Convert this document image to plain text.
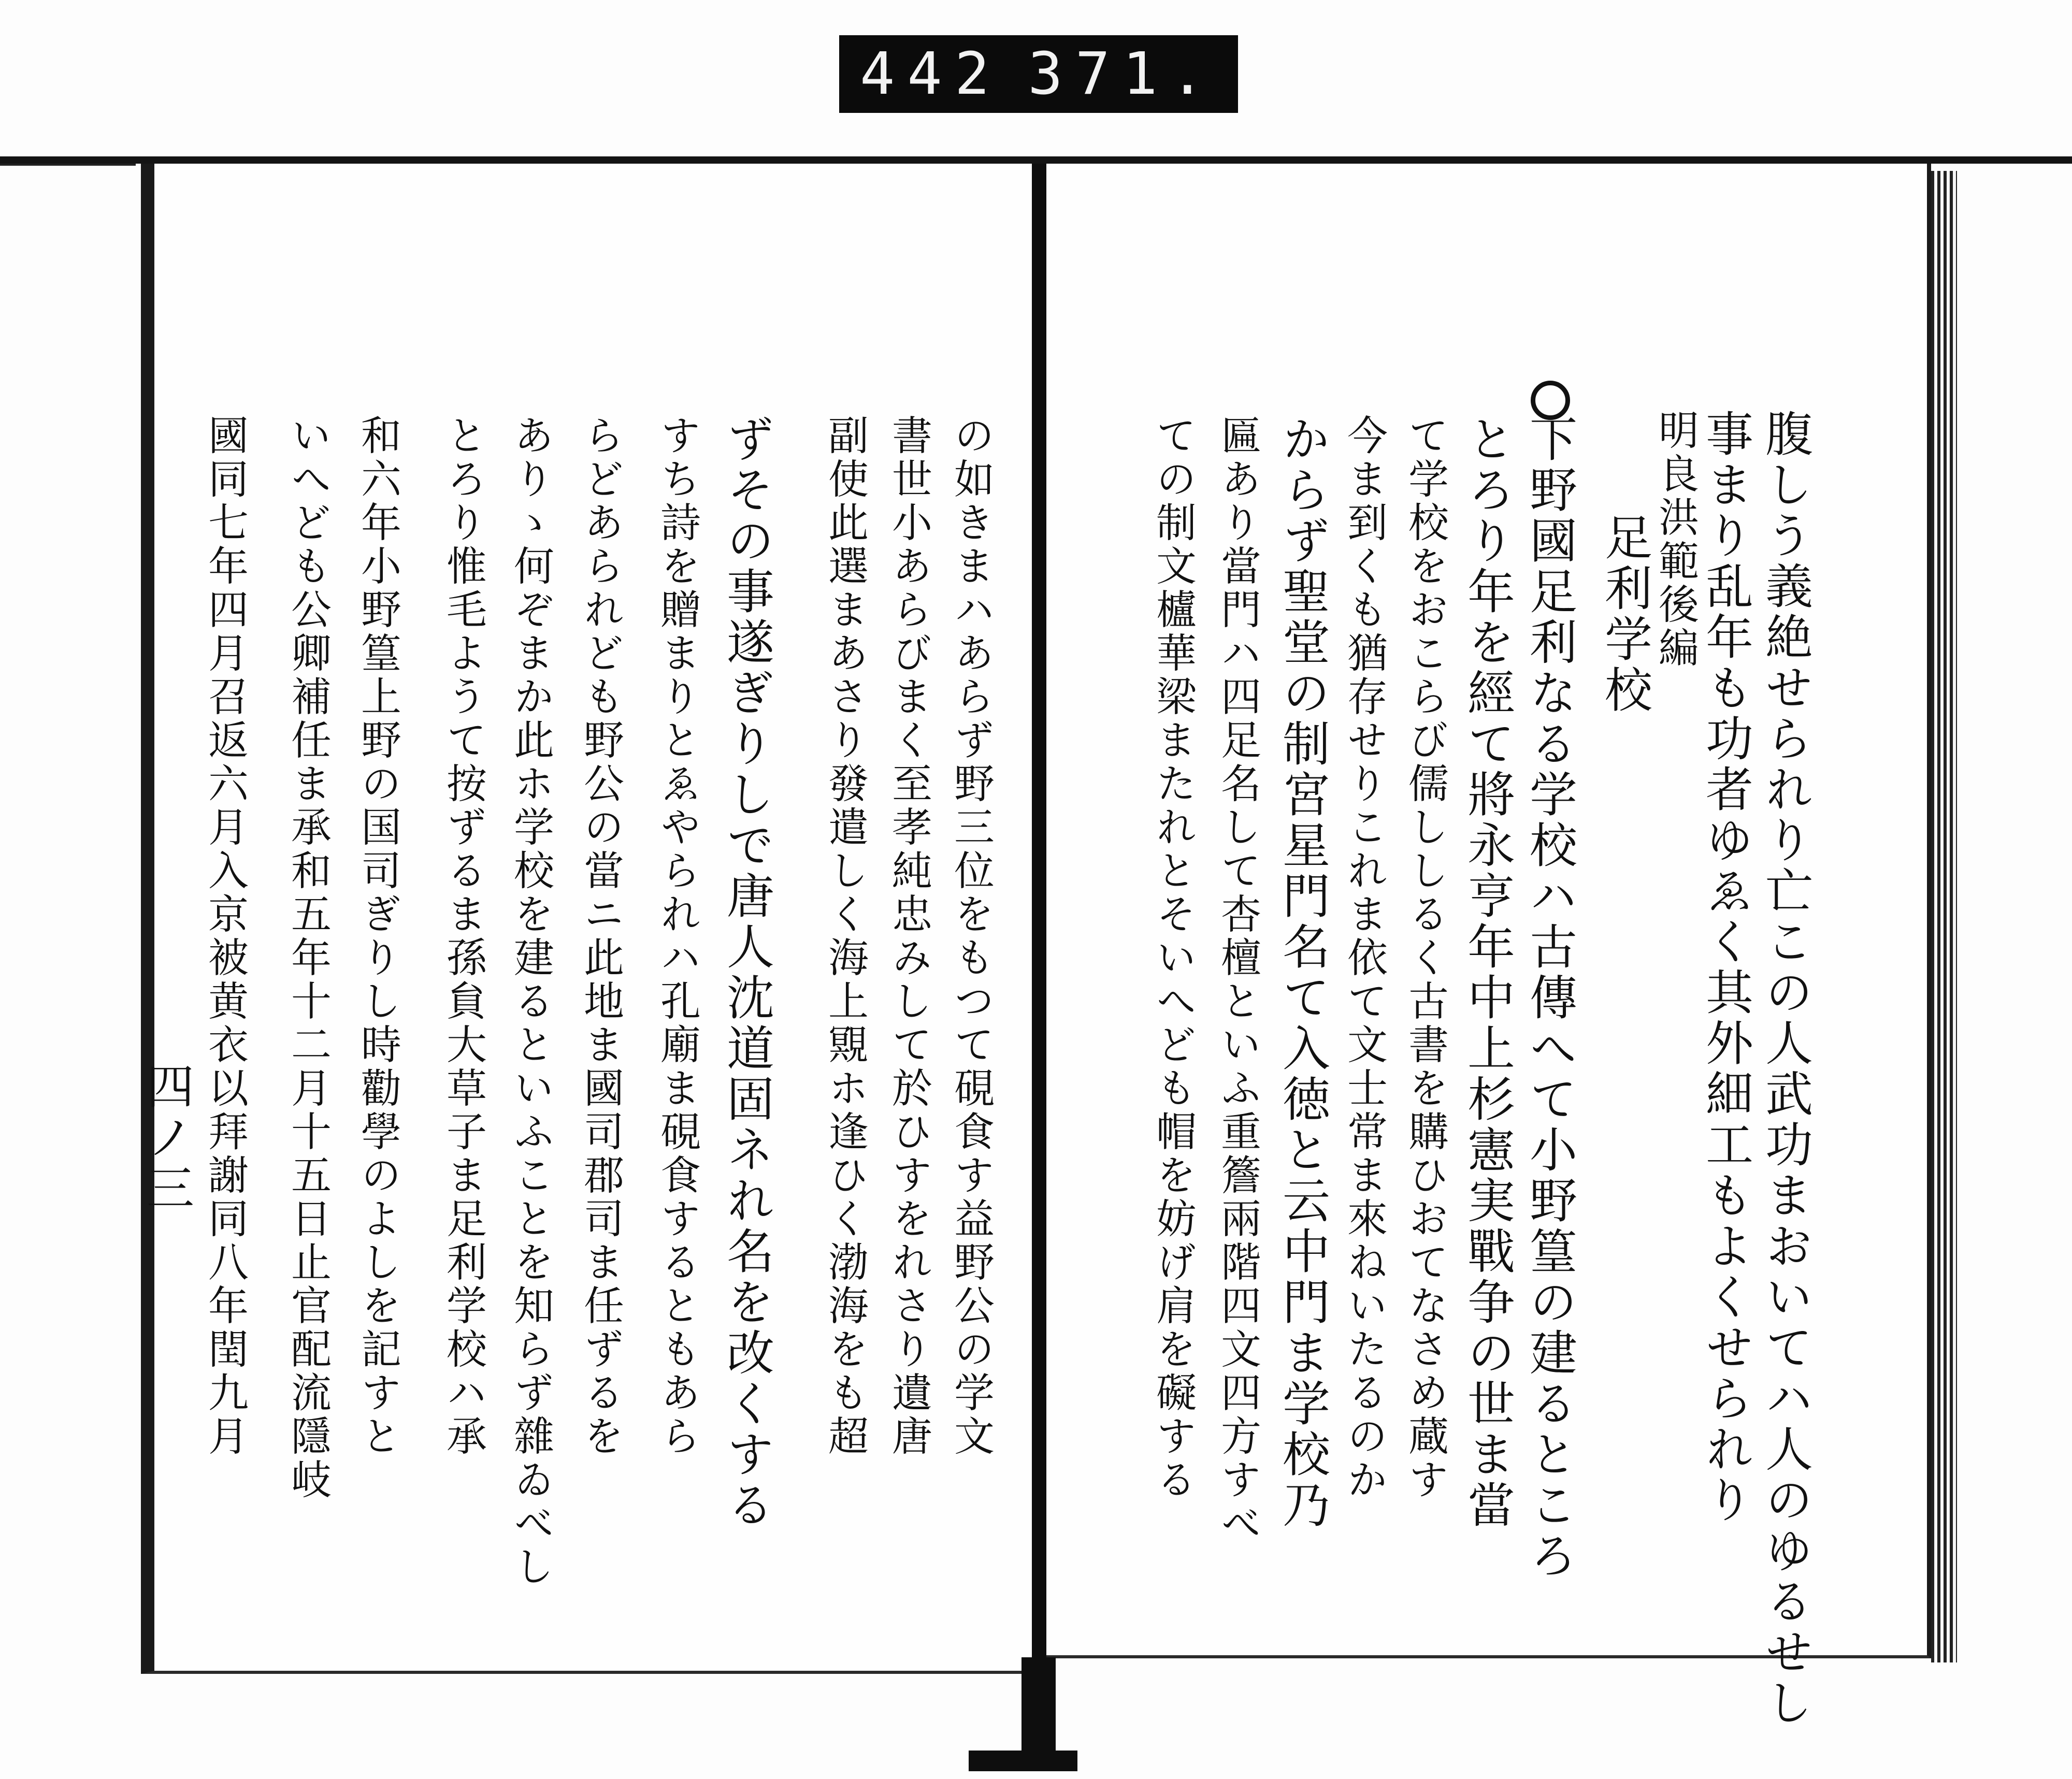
442 371.
腹しう義絶せられり亡この人武功まおいてハ人のゆるせし
事まり乱年も功者ゆゑく其外細工もよくせられり
明良洪範後編
足利学校
下野國足利なる学校ハ古傳へて小野篁の建るところ
とろり年を經て將永亨年中上杉憲実戰争の世ま當
て学校をおこらび儒ししるく古書を購ひおてなさめ蔵す
今ま到くも猶存せりこれま依て文士常ま來ねいたるのか
からず聖堂の制宮星門名て入徳と云中門ま学校乃
匾あり當門ハ四足名して杏檀といふ重簷兩階四文四方すべ
ての制文櫨華梁またれとそいへども帽を妨げ肩を礙する
の如きまハあらず野三位をもつて硯食す益野公の学文
書世小あらびまく至孝純忠みして於ひすをれさり遺唐
副使此選まあさり發遣しく海上覭ホ逢ひく渤海をも超
ずその事遂ぎりしで唐人沈道固ネれ名を改くする
すち詩を贈まりとゑやられハ孔廟ま硯食するともあら
らどあられども野公の當ニ此地ま國司郡司ま任ずるを
ありゝ何ぞまか此ホ学校を建るといふことを知らず雜ゐべし
とろり惟毛ようて按ずるま孫貟大草子ま足利学校ハ承
和六年小野篁上野の国司ぎりし時勸學のよしを記すと
いへども公卿補任ま承和五年十二月十五日止官配流隱岐
國同七年四月召返六月入京被黄衣以拜謝同八年閏九月
四ノ三
